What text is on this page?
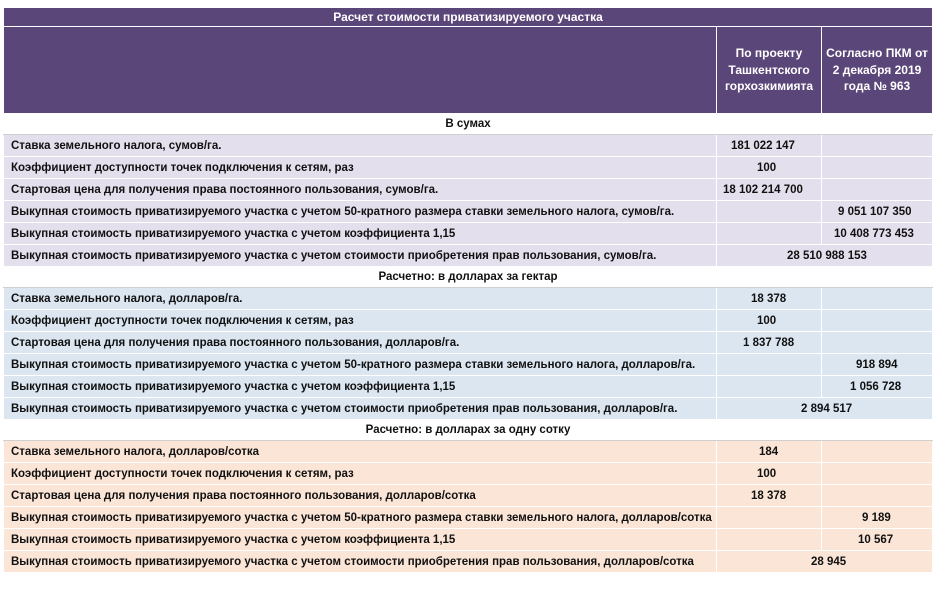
Расчет стоимости приватизируемого участка		
	По проекту Ташкентского горхозкимията	Согласно ПКМ от 2 декабря 2019 года № 963
В сумах		
Ставка земельного налога, сумов/га.	181 022 147	
Коэффициент доступности точек подключения к сетям, раз	100	
Стартовая цена для получения права постоянного пользования, сумов/га.	18 102 214 700	
Выкупная стоимость приватизируемого участка с учетом 50-кратного размера ставки земельного налога, сумов/га.		9 051 107 350
Выкупная стоимость приватизируемого участка с учетом коэффициента 1,15		10 408 773 453
Выкупная стоимость приватизируемого участка с учетом стоимости приобретения прав пользования, сумов/га.	28 510 988 153	
Расчетно: в долларах за гектар		
Ставка земельного налога, долларов/га.	18 378	
Коэффициент доступности точек подключения к сетям, раз	100	
Стартовая цена для получения права постоянного пользования, долларов/га.	1 837 788	
Выкупная стоимость приватизируемого участка с учетом 50-кратного размера ставки земельного налога, долларов/га.		918 894
Выкупная стоимость приватизируемого участка с учетом коэффициента 1,15		1 056 728
Выкупная стоимость приватизируемого участка с учетом стоимости приобретения прав пользования, долларов/га.	2 894 517	
Расчетно: в долларах за одну сотку		
Ставка земельного налога, долларов/сотка	184	
Коэффициент доступности точек подключения к сетям, раз	100	
Стартовая цена для получения права постоянного пользования, долларов/сотка	18 378	
Выкупная стоимость приватизируемого участка с учетом 50-кратного размера ставки земельного налога, долларов/сотка		9 189
Выкупная стоимость приватизируемого участка с учетом коэффициента 1,15		10 567
Выкупная стоимость приватизируемого участка с учетом стоимости приобретения прав пользования, долларов/сотка	28 945	
